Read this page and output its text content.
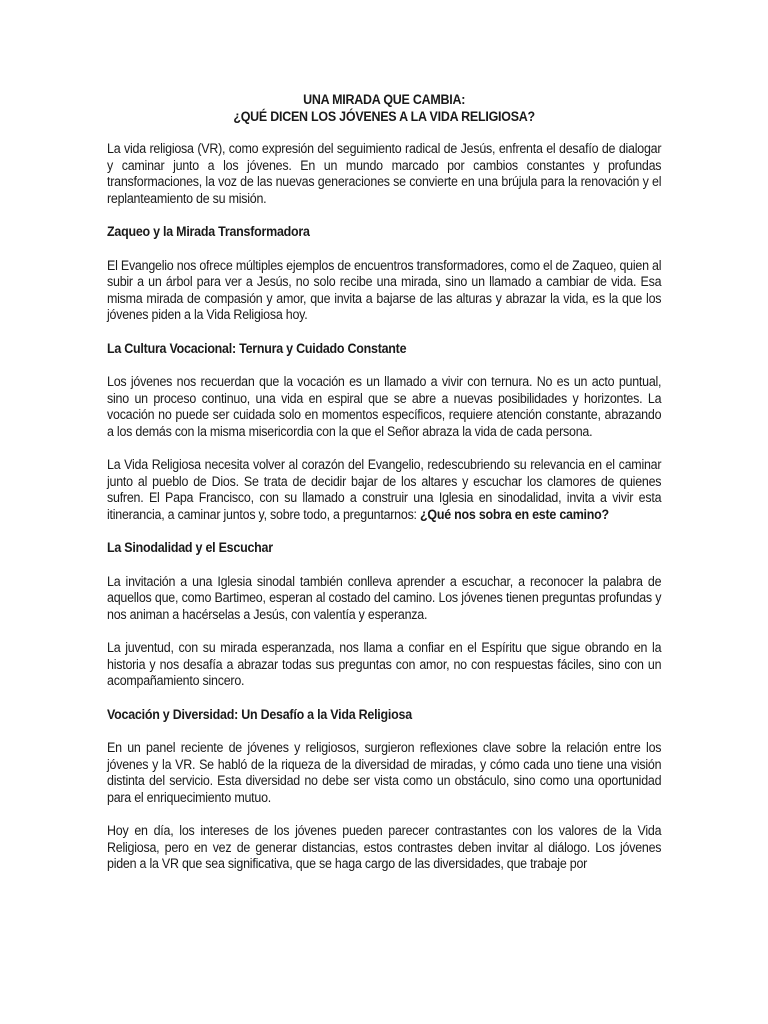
UNA MIRADA QUE CAMBIA:
¿QUÉ DICEN LOS JÓVENES A LA VIDA RELIGIOSA?

La vida religiosa (VR), como expresión del seguimiento radical de Jesús, enfrenta el desafío de dialogar y caminar junto a los jóvenes. En un mundo marcado por cambios constantes y profundas transformaciones, la voz de las nuevas generaciones se convierte en una brújula para la renovación y el replanteamiento de su misión.

Zaqueo y la Mirada Transformadora

El Evangelio nos ofrece múltiples ejemplos de encuentros transformadores, como el de Zaqueo, quien al subir a un árbol para ver a Jesús, no solo recibe una mirada, sino un llamado a cambiar de vida. Esa misma mirada de compasión y amor, que invita a bajarse de las alturas y abrazar la vida, es la que los jóvenes piden a la Vida Religiosa hoy.

La Cultura Vocacional: Ternura y Cuidado Constante

Los jóvenes nos recuerdan que la vocación es un llamado a vivir con ternura. No es un acto puntual, sino un proceso continuo, una vida en espiral que se abre a nuevas posibilidades y horizontes. La vocación no puede ser cuidada solo en momentos específicos, requiere atención constante, abrazando a los demás con la misma misericordia con la que el Señor abraza la vida de cada persona.

La Vida Religiosa necesita volver al corazón del Evangelio, redescubriendo su relevancia en el caminar junto al pueblo de Dios. Se trata de decidir bajar de los altares y escuchar los clamores de quienes sufren. El Papa Francisco, con su llamado a construir una Iglesia en sinodalidad, invita a vivir esta itinerancia, a caminar juntos y, sobre todo, a preguntarnos: ¿Qué nos sobra en este camino?

La Sinodalidad y el Escuchar

La invitación a una Iglesia sinodal también conlleva aprender a escuchar, a reconocer la palabra de aquellos que, como Bartimeo, esperan al costado del camino. Los jóvenes tienen preguntas profundas y nos animan a hacérselas a Jesús, con valentía y esperanza.

La juventud, con su mirada esperanzada, nos llama a confiar en el Espíritu que sigue obrando en la historia y nos desafía a abrazar todas sus preguntas con amor, no con respuestas fáciles, sino con un acompañamiento sincero.

Vocación y Diversidad: Un Desafío a la Vida Religiosa

En un panel reciente de jóvenes y religiosos, surgieron reflexiones clave sobre la relación entre los jóvenes y la VR. Se habló de la riqueza de la diversidad de miradas, y cómo cada uno tiene una visión distinta del servicio. Esta diversidad no debe ser vista como un obstáculo, sino como una oportunidad para el enriquecimiento mutuo.

Hoy en día, los intereses de los jóvenes pueden parecer contrastantes con los valores de la Vida Religiosa, pero en vez de generar distancias, estos contrastes deben invitar al diálogo. Los jóvenes piden a la VR que sea significativa, que se haga cargo de las diversidades, que trabaje por
